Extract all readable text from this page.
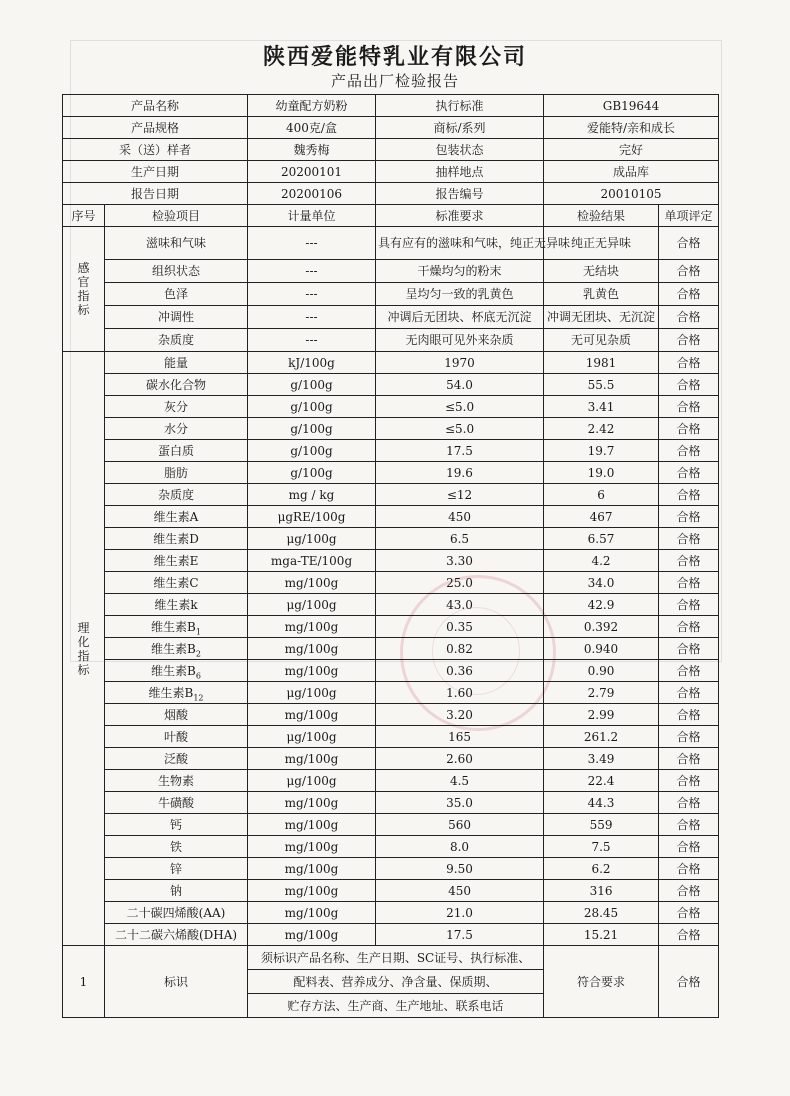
陕西爱能特乳业有限公司
产品出厂检验报告
产品名称		幼童配方奶粉	执行标准	GB19644	
产品规格		400克/盒	商标/系列	爱能特/亲和成长	
采（送）样者		魏秀梅	包装状态	完好	
生产日期		20200101	抽样地点	成品库	
报告日期		20200106	报告编号	20010105	
序号	检验项目	计量单位	标准要求	检验结果	单项评定

感
官
指
标	滋味和气味	---	具有应有的滋味和气味，纯正无异味	纯正无异味	合格
	组织状态	---	干燥均匀的粉末	无结块	合格
	色泽	---	呈均匀一致的乳黄色	乳黄色	合格
	冲调性	---	冲调后无团块、杯底无沉淀	冲调无团块、无沉淀	合格
	杂质度	---	无肉眼可见外来杂质	无可见杂质	合格

理
化
指
标	能量	kJ/100g	1970	1981	合格
	碳水化合物	g/100g	54.0	55.5	合格
	灰分	g/100g	≤5.0	3.41	合格
	水分	g/100g	≤5.0	2.42	合格
	蛋白质	g/100g	17.5	19.7	合格
	脂肪	g/100g	19.6	19.0	合格
	杂质度	mg / kg	≤12	6	合格
	维生素A	μgRE/100g	450	467	合格
	维生素D	μg/100g	6.5	6.57	合格
	维生素E	mga-TE/100g	3.30	4.2	合格
	维生素C	mg/100g	25.0	34.0	合格
	维生素k	μg/100g	43.0	42.9	合格
	维生素$B_1$	mg/100g	0.35	0.392	合格
	维生素$B_2$	mg/100g	0.82	0.940	合格
	维生素$B_6$	mg/100g	0.36	0.90	合格
	维生素$B_{12}$	μg/100g	1.60	2.79	合格
	烟酸	mg/100g	3.20	2.99	合格
	叶酸	μg/100g	165	261.2	合格
	泛酸	mg/100g	2.60	3.49	合格
	生物素	μg/100g	4.5	22.4	合格
	牛磺酸	mg/100g	35.0	44.3	合格
	钙	mg/100g	560	559	合格
	铁	mg/100g	8.0	7.5	合格
	锌	mg/100g	9.50	6.2	合格
	钠	mg/100g	450	316	合格
	二十碳四烯酸(AA)	mg/100g	21.0	28.45	合格
	二十二碳六烯酸(DHA)	mg/100g	17.5	15.21	合格
1	标识	须标识产品名称、生产日期、SC证号、执行标准、		符合要求	合格
		配料表、营养成分、净含量、保质期、			
		贮存方法、生产商、生产地址、联系电话			
